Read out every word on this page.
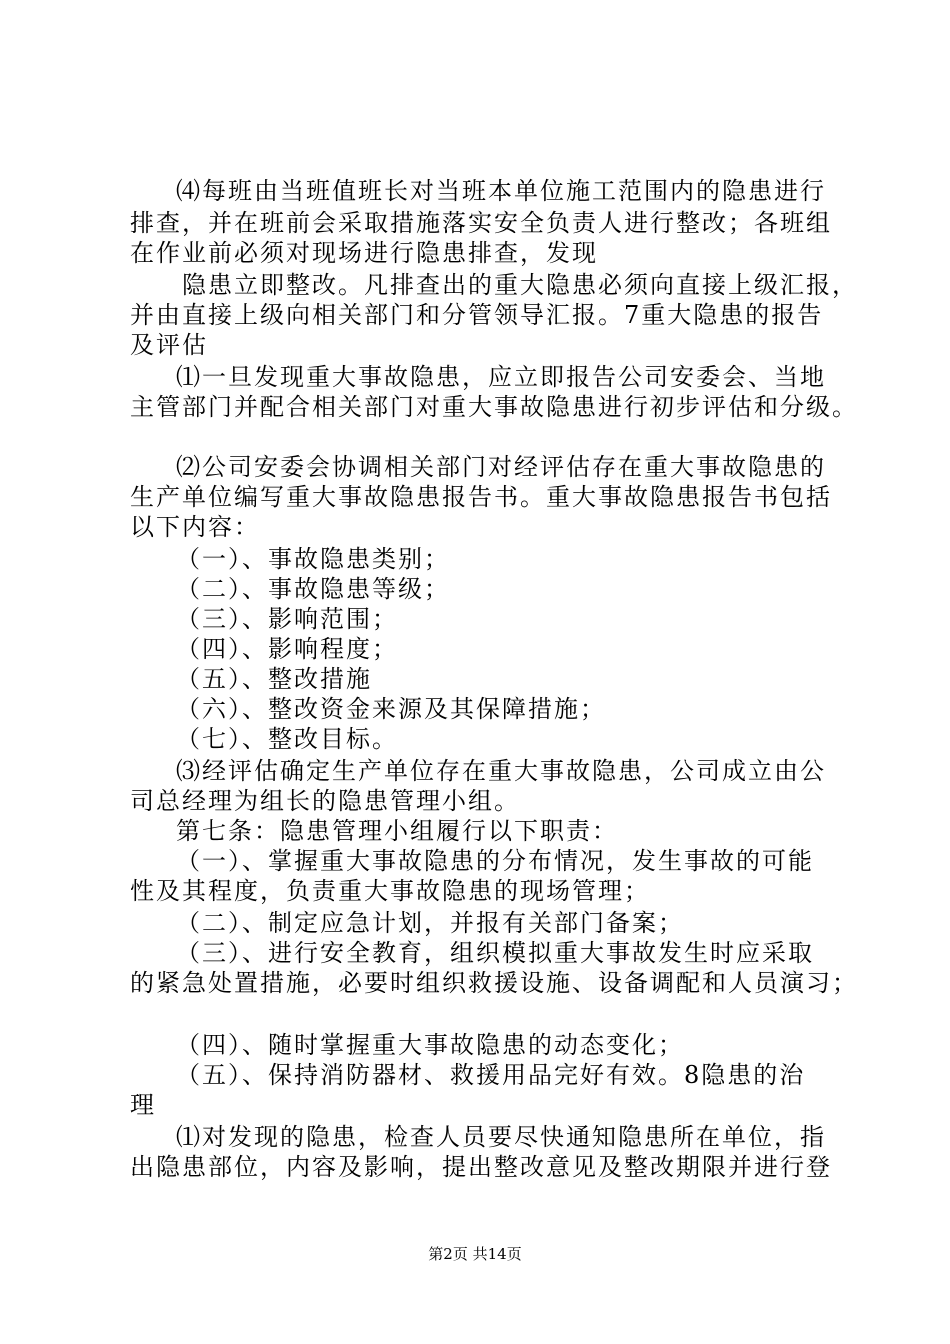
⑷每班由当班值班长对当班本单位施工范围内的隐患进行
排查，并在班前会采取措施落实安全负责人进行整改；各班组
在作业前必须对现场进行隐患排查，发现
隐患立即整改。凡排查出的重大隐患必须向直接上级汇报，
并由直接上级向相关部门和分管领导汇报。7重大隐患的报告
及评估
⑴一旦发现重大事故隐患，应立即报告公司安委会、当地
主管部门并配合相关部门对重大事故隐患进行初步评估和分级。
⑵公司安委会协调相关部门对经评估存在重大事故隐患的
生产单位编写重大事故隐患报告书。重大事故隐患报告书包括
以下内容：
（一）、事故隐患类别；
（二）、事故隐患等级；
（三）、影响范围；
（四）、影响程度；
（五）、整改措施
（六）、整改资金来源及其保障措施；
（七）、整改目标。
⑶经评估确定生产单位存在重大事故隐患，公司成立由公
司总经理为组长的隐患管理小组。
第七条：隐患管理小组履行以下职责：
（一）、掌握重大事故隐患的分布情况，发生事故的可能
性及其程度，负责重大事故隐患的现场管理；
（二）、制定应急计划，并报有关部门备案；
（三）、进行安全教育，组织模拟重大事故发生时应采取
的紧急处置措施，必要时组织救援设施、设备调配和人员演习；
（四）、随时掌握重大事故隐患的动态变化；
（五）、保持消防器材、救援用品完好有效。8隐患的治
理
⑴对发现的隐患，检查人员要尽快通知隐患所在单位，指
出隐患部位，内容及影响，提出整改意见及整改期限并进行登
第2页 共14页
